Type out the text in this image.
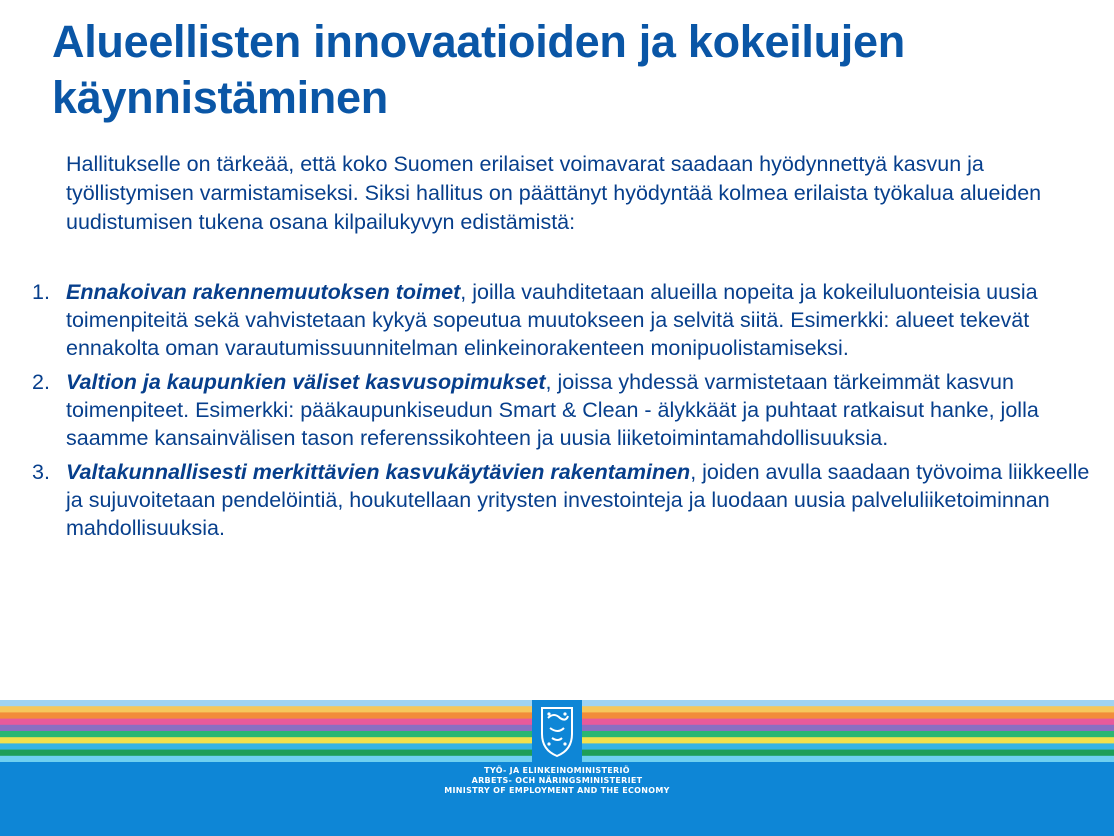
Alueellisten innovaatioiden ja kokeilujen käynnistäminen

Hallitukselle on tärkeää, että koko Suomen erilaiset voimavarat saadaan hyödynnettyä kasvun ja työllistymisen varmistamiseksi. Siksi hallitus on päättänyt hyödyntää kolmea erilaista työkalua alueiden uudistumisen tukena osana kilpailukyvyn edistämistä:

1. Ennakoivan rakennemuutoksen toimet, joilla vauhditetaan alueilla nopeita ja kokeiluluonteisia uusia toimenpiteitä sekä vahvistetaan kykyä sopeutua muutokseen ja selvitä siitä. Esimerkki: alueet tekevät ennakolta oman varautumissuunnitelman elinkeinorakenteen monipuolistamiseksi.
2. Valtion ja kaupunkien väliset kasvusopimukset, joissa yhdessä varmistetaan tärkeimmät kasvun toimenpiteet. Esimerkki: pääkaupunkiseudun Smart & Clean - älykkäät ja puhtaat ratkaisut hanke, jolla saamme kansainvälisen tason referenssikohteen ja uusia liiketoimintamahdollisuuksia.
3. Valtakunnallisesti merkittävien kasvukäytävien rakentaminen, joiden avulla saadaan työvoima liikkeelle ja sujuvoitetaan pendelöintiä, houkutellaan yritysten investointeja ja luodaan uusia palveluliiketoiminnan mahdollisuuksia.
TYÖ- JA ELINKEINOMINISTERIÖ
ARBETS- OCH NÄRINGSMINISTERIET
MINISTRY OF EMPLOYMENT AND THE ECONOMY
